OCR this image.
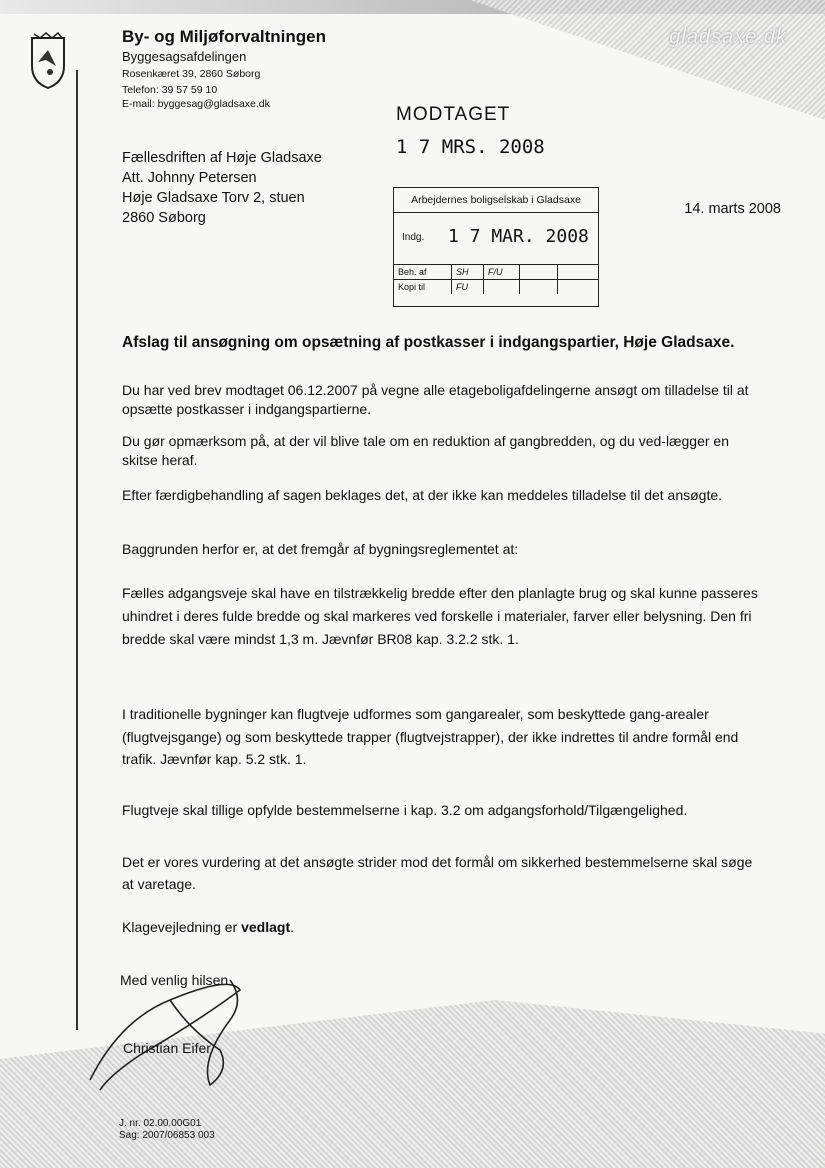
gladsaxe.dk
By- og Miljøforvaltningen
Byggesagsafdelingen
Rosenkæret 39, 2860 Søborg
Telefon: 39 57 59 10
E-mail: byggesag@gladsaxe.dk	MODTAGET
1 7 MRS. 2008
Fællesdriften af Høje Gladsaxe
Att. Johnny Petersen
Høje Gladsaxe Torv 2, stuen
2860 Søborg
Arbejdernes boligselskab i Gladsaxe
Indg. 1 7 MAR. 2008
Beh. af	SH	F/U
Kopi til	FU
14. marts 2008
Afslag til ansøgning om opsætning af postkasser i indgangspartier, Høje Gladsaxe.
Du har ved brev modtaget 06.12.2007 på vegne alle etageboligafdelingerne ansøgt om tilladelse til at opsætte postkasser i indgangspartierne.
Du gør opmærksom på, at der vil blive tale om en reduktion af gangbredden, og du ved-lægger en skitse heraf.
Efter færdigbehandling af sagen beklages det, at der ikke kan meddeles tilladelse til det ansøgte.
Baggrunden herfor er, at det fremgår af bygningsreglementet at:
Fælles adgangsveje skal have en tilstrækkelig bredde efter den planlagte brug og skal kunne passeres uhindret i deres fulde bredde og skal markeres ved forskelle i materialer, farver eller belysning. Den fri bredde skal være mindst 1,3 m. Jævnfør BR08 kap. 3.2.2 stk. 1.
I traditionelle bygninger kan flugtveje udformes som gangarealer, som beskyttede gang-arealer (flugtvejsgange) og som beskyttede trapper (flugtvejstrapper), der ikke indrettes til andre formål end trafik. Jævnfør kap. 5.2 stk. 1.
Flugtveje skal tillige opfylde bestemmelserne i kap. 3.2 om adgangsforhold/Tilgængelighed.
Det er vores vurdering at det ansøgte strider mod det formål om sikkerhed bestemmelserne skal søge at varetage.
Klagevejledning er vedlagt.
Med venlig hilsen
Christian Eifer
J. nr. 02.00.00G01
Sag: 2007/06853 003
